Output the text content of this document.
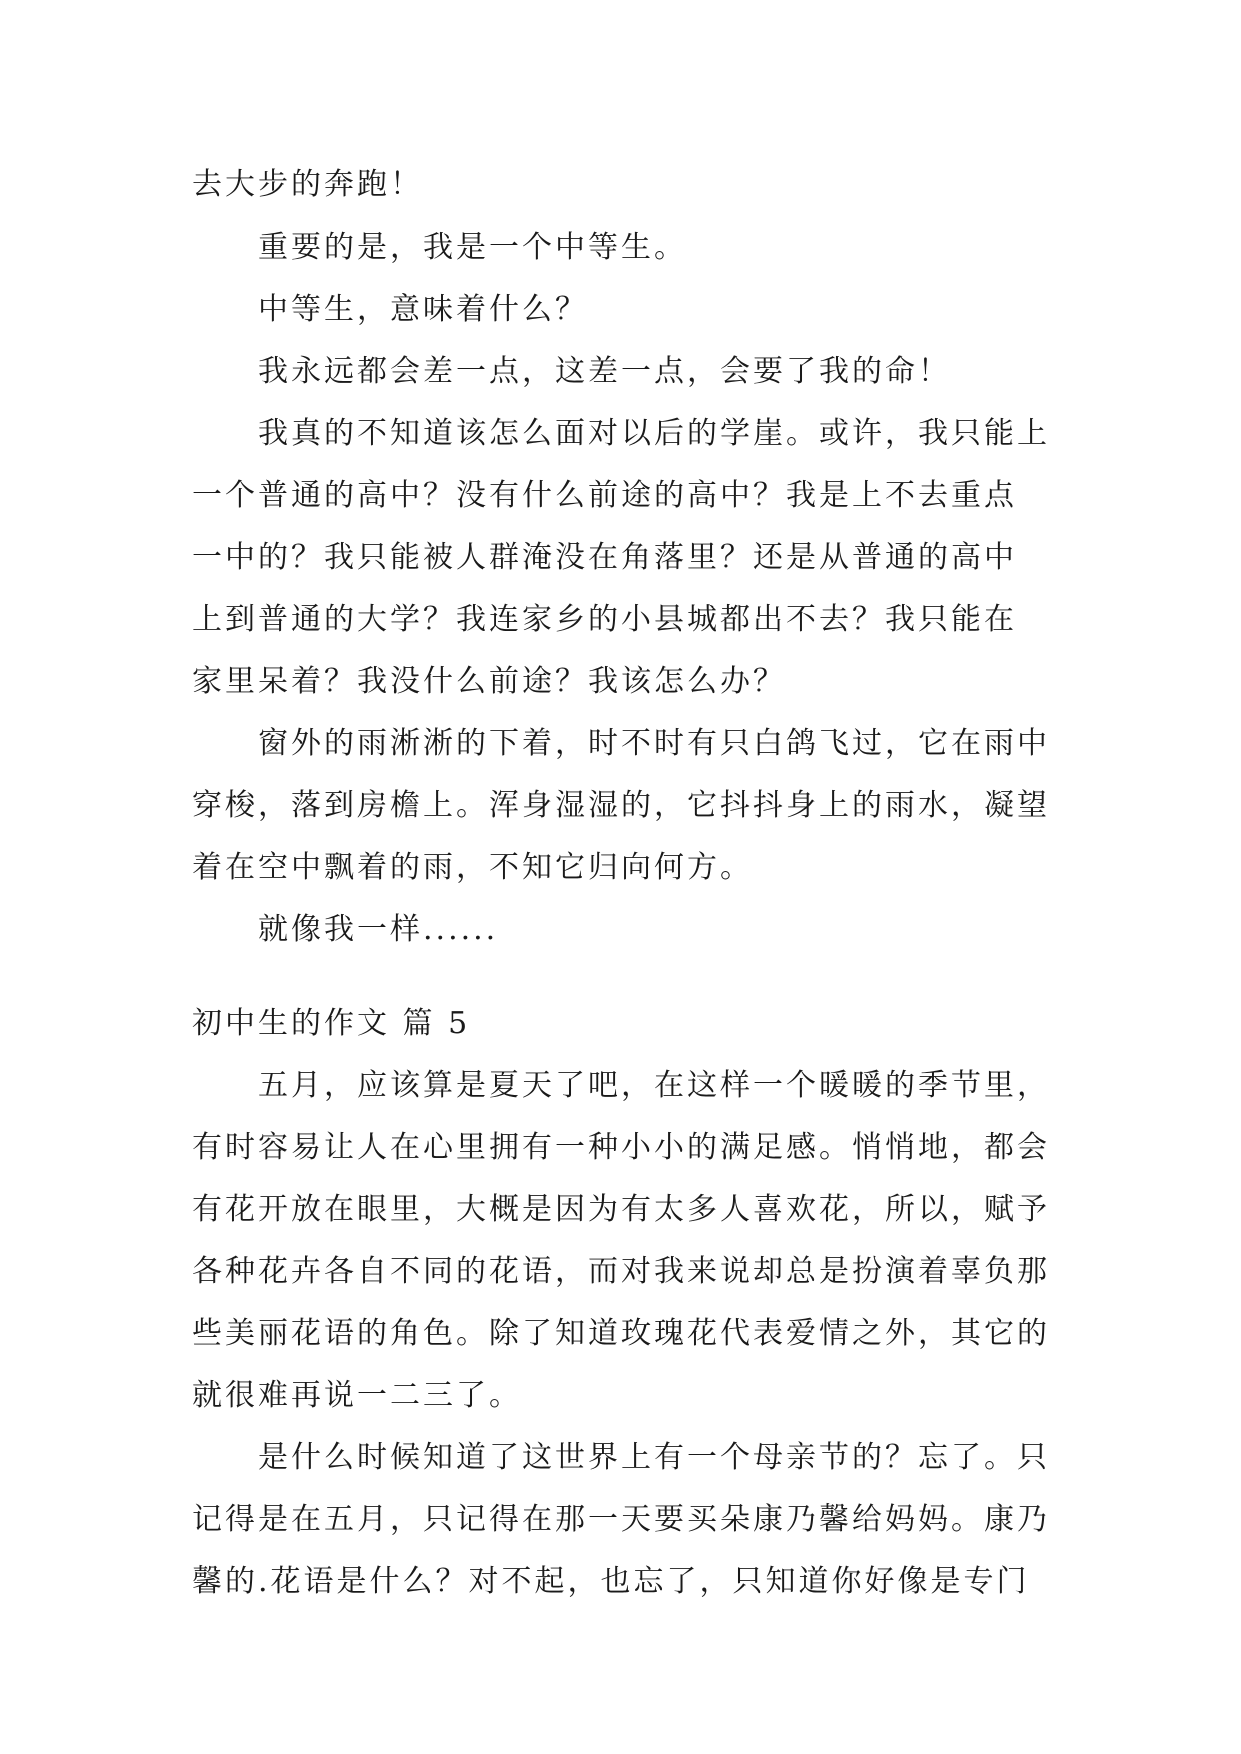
去大步的奔跑！
重要的是，我是一个中等生。
中等生，意味着什么？
我永远都会差一点，这差一点，会要了我的命！
我真的不知道该怎么面对以后的学崖。或许，我只能上
一个普通的高中？没有什么前途的高中？我是上不去重点
一中的？我只能被人群淹没在角落里？还是从普通的高中
上到普通的大学？我连家乡的小县城都出不去？我只能在
家里呆着？我没什么前途？我该怎么办？
窗外的雨淅淅的下着，时不时有只白鸽飞过，它在雨中
穿梭，落到房檐上。浑身湿湿的，它抖抖身上的雨水，凝望
着在空中飘着的雨，不知它归向何方。
就像我一样......
初中生的作文 篇 5
五月，应该算是夏天了吧，在这样一个暖暖的季节里，
有时容易让人在心里拥有一种小小的满足感。悄悄地，都会
有花开放在眼里，大概是因为有太多人喜欢花，所以，赋予
各种花卉各自不同的花语，而对我来说却总是扮演着辜负那
些美丽花语的角色。除了知道玫瑰花代表爱情之外，其它的
就很难再说一二三了。
是什么时候知道了这世界上有一个母亲节的？忘了。只
记得是在五月，只记得在那一天要买朵康乃馨给妈妈。康乃
馨的.花语是什么？对不起，也忘了，只知道你好像是专门
